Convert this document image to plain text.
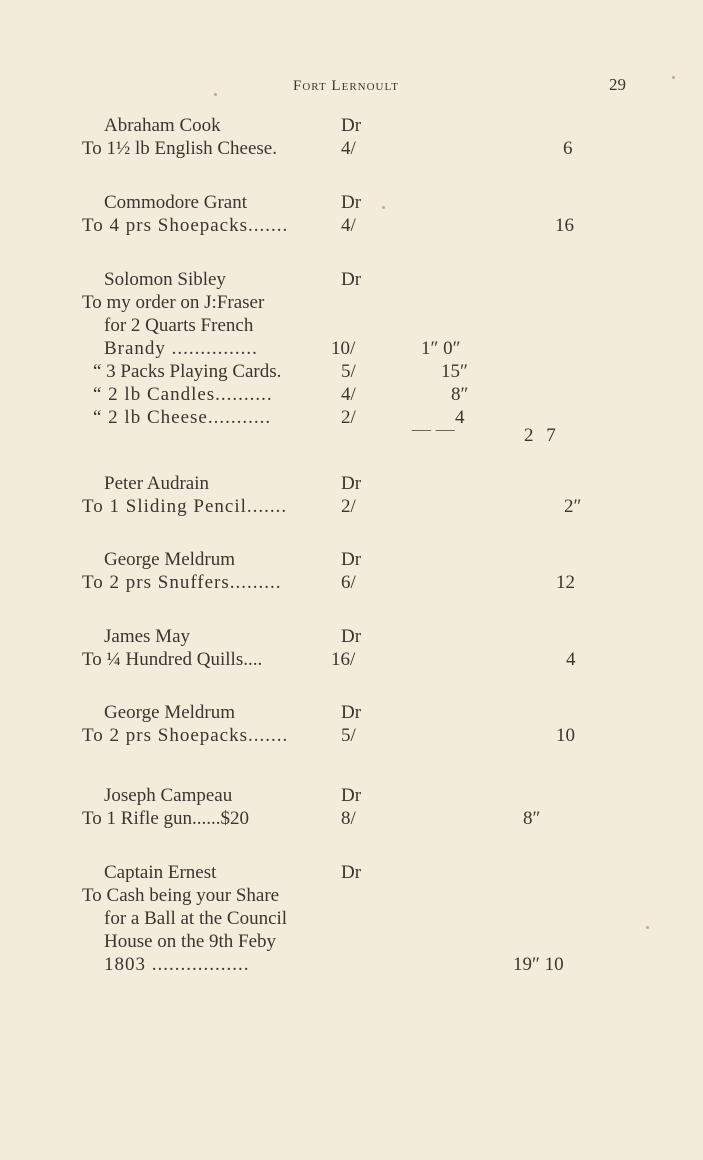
Fort Lernoult	29
Abraham Cook	Dr
To 1½ lb English Cheese.	4/	6
Commodore Grant	Dr
To 4 prs Shoepacks.......	4/	16
Solomon Sibley	Dr
To my order on J:Fraser
for 2 Quarts French
Brandy ...............	10/	1″ 0″
“ 3 Packs Playing Cards.	5/	15″
“ 2 lb Candles..........	4/	8″
“ 2 lb Cheese...........	2/	4
— —	2 7
Peter Audrain	Dr
To 1 Sliding Pencil.......	2/	2″
George Meldrum	Dr
To 2 prs Snuffers.........	6/	12
James May	Dr
To ¼ Hundred Quills....	16/	4
George Meldrum	Dr
To 2 prs Shoepacks.......	5/	10
Joseph Campeau	Dr
To 1 Rifle gun......$20	8/	8″
Captain Ernest	Dr
To Cash being your Share
for a Ball at the Council
House on the 9th Feby
1803 .................	19″ 10
